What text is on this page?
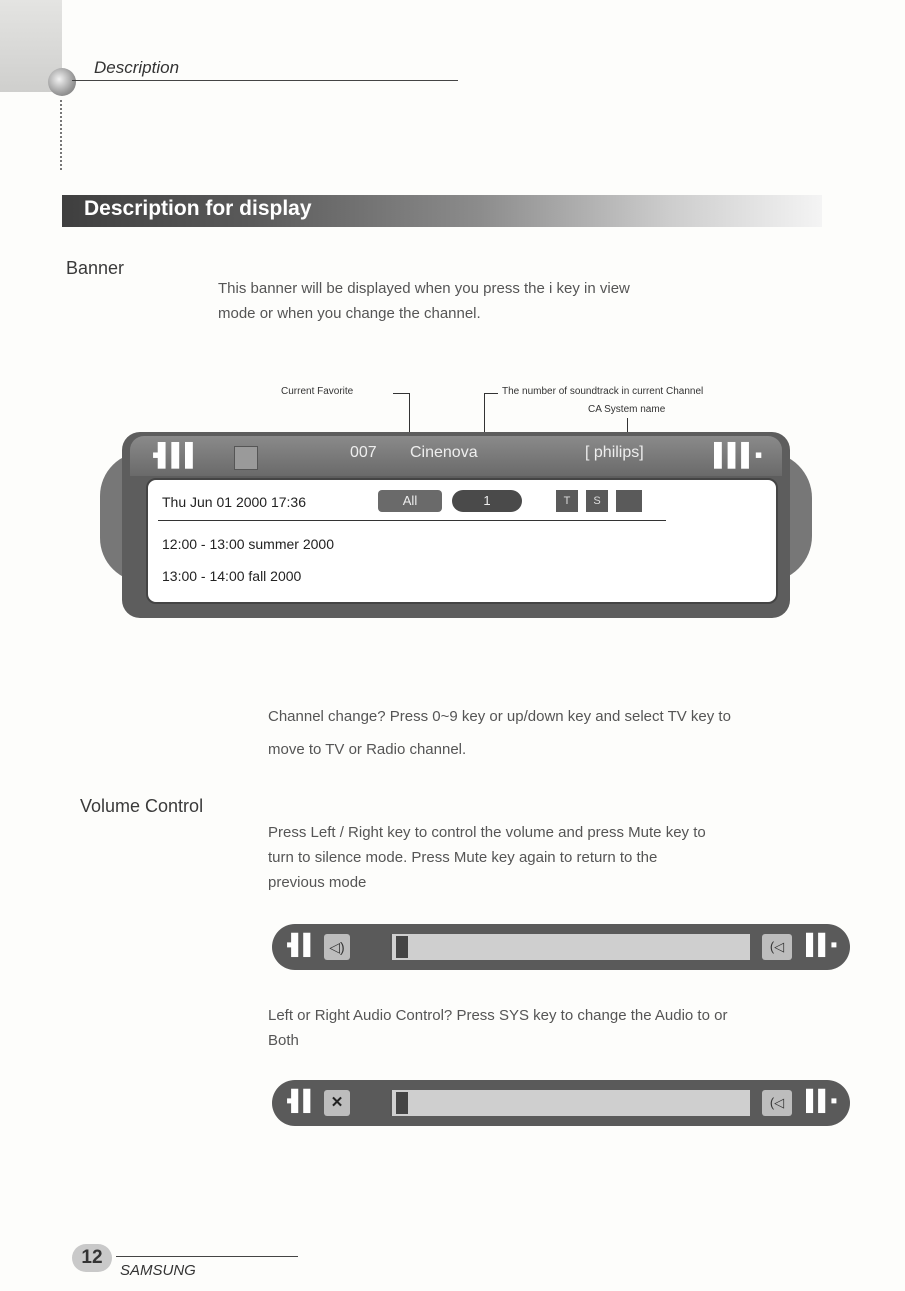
Description
Description for display
Banner
This banner will be displayed when you press the i key in view
mode or when you change the channel.
Current Favorite	The number of soundtrack in current Channel
CA System name
▪▌▌▌	007 Cinenova	[ philips]	▌▌▌▪
Thu Jun 01 2000 17:36	All	1	T	S
12:00 - 13:00 summer 2000
13:00 - 14:00 fall 2000
Channel change? Press 0~9 key or up/down key and select TV key to
move to TV or Radio channel.
Volume Control
Press Left / Right key to control the volume and press Mute key to
turn to silence mode. Press Mute key again to return to the
previous mode
▪▌▌ ◁)	(◁	▌▌▪
Left or Right Audio Control? Press SYS key to change the Audio to or
Both
▪▌▌	✕	(◁	▌▌▪
12
SAMSUNG
